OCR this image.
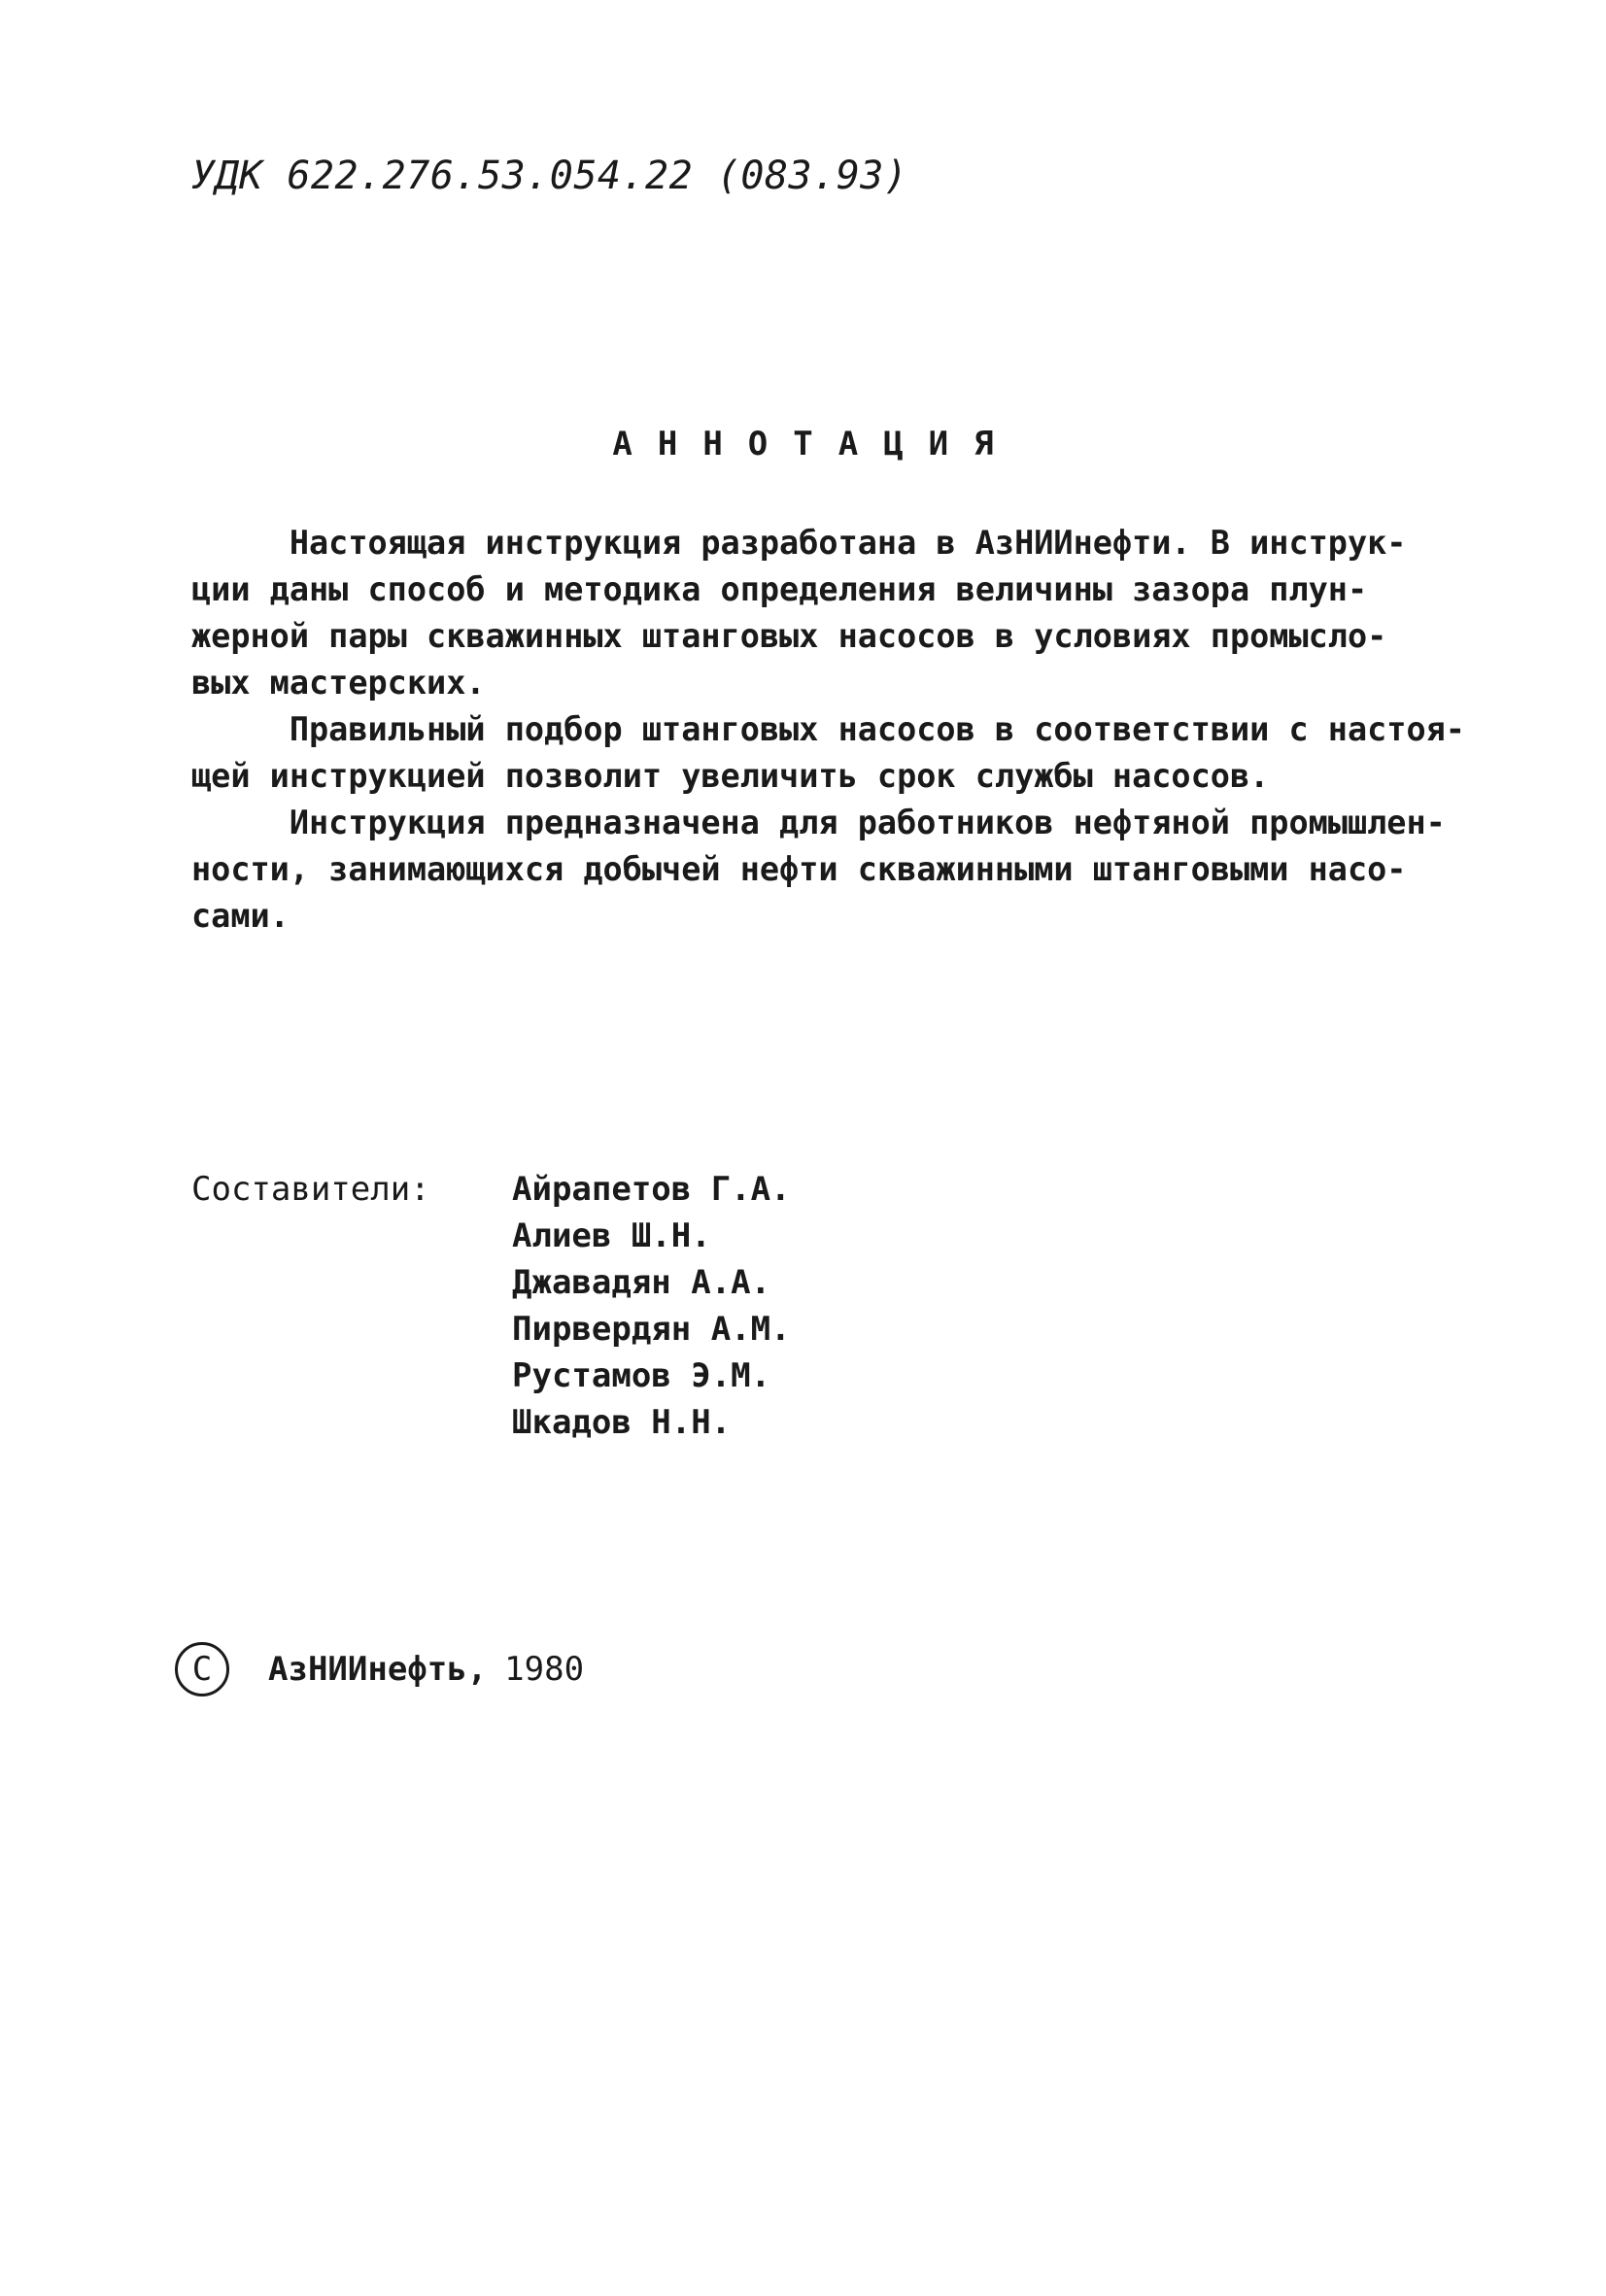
УДК 622.276.53.054.22 (083.93)
АННОТАЦИЯ
Настоящая инструкция разработана в АзНИИнефти. В инструк-
ции даны способ и методика определения величины зазора плун-
жерной пары скважинных штанговых насосов в условиях промысло-
вых мастерских.
Правильный подбор штанговых насосов в соответствии с настоя-
щей инструкцией позволит увеличить срок службы насосов.
Инструкция предназначена для работников нефтяной промышлен-
ности, занимающихся добычей нефти скважинными штанговыми насо-
сами.
Составители: Айрапетов Г.А.
Алиев Ш.Н.
Джавадян А.А.
Пирвердян А.М.
Рустамов Э.М.
Шкадов Н.Н.
С	АзНИИнефть, 1980
